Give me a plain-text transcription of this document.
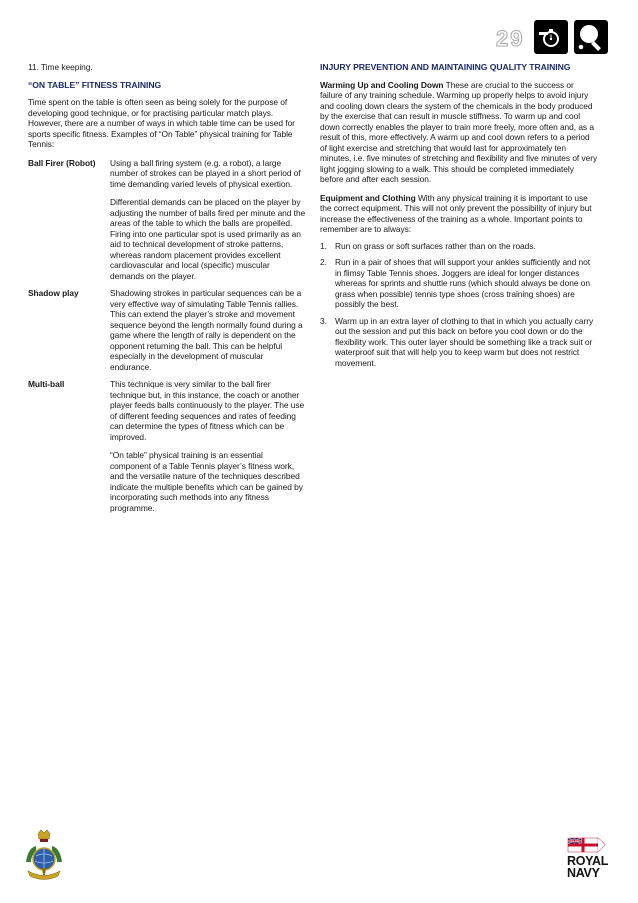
29

11. Time keeping.

“ON TABLE” FITNESS TRAINING

Time spent on the table is often seen as being solely for the purpose of developing good technique, or for practising particular match plays. However, there are a number of ways in which table time can be used for sports specific fitness. Examples of “On Table” physical training for Table Tennis:

Ball Firer (Robot)	Using a ball firing system (e.g. a robot), a large number of strokes can be played in a short period of time demanding varied levels of physical exertion.

Differential demands can be placed on the player by adjusting the number of balls fired per minute and the areas of the table to which the balls are propelled. Firing into one particular spot is used primarily as an aid to technical development of stroke patterns, whereas random placement provides excellent cardiovascular and local (specific) muscular demands on the player.

Shadow play	Shadowing strokes in particular sequences can be a very effective way of simulating Table Tennis rallies. This can extend the player’s stroke and movement sequence beyond the length normally found during a game where the length of rally is dependent on the opponent returning the ball. This can be helpful especially in the development of muscular endurance.

Multi-ball	This technique is very similar to the ball firer technique but, in this instance, the coach or another player feeds balls continuously to the player. The use of different feeding sequences and rates of feeding can determine the types of fitness which can be improved.

“On table” physical training is an essential component of a Table Tennis player’s fitness work, and the versatile nature of the techniques described indicate the multiple benefits which can be gained by incorporating such methods into any fitness programme.

INJURY PREVENTION AND MAINTAINING QUALITY TRAINING

Warming Up and Cooling Down These are crucial to the success or failure of any training schedule. Warming up properly helps to avoid injury and cooling down clears the system of the chemicals in the body produced by the exercise that can result in muscle stiffness. To warm up and cool down correctly enables the player to train more freely, more often and, as a result of this, more effectively. A warm up and cool down refers to a period of light exercise and stretching that would last for approximately ten minutes, i.e. five minutes of stretching and flexibility and five minutes of very light jogging slowing to a walk. This should be completed immediately before and after each session.

Equipment and Clothing With any physical training it is important to use the correct equipment. This will not only prevent the possibility of injury but increase the effectiveness of the training as a whole. Important points to remember are to always:

1. Run on grass or soft surfaces rather than on the roads.
2. Run in a pair of shoes that will support your ankles sufficiently and not in flimsy Table Tennis shoes. Joggers are ideal for longer distances whereas for sprints and shuttle runs (which should always be done on grass when possible) tennis type shoes (cross training shoes) are possibly the best.
3. Warm up in an extra layer of clothing to that in which you actually carry out the session and put this back on before you cool down or do the flexibility work. This outer layer should be something like a track suit or waterproof suit that will help you to keep warm but does not restrict movement.
ROYAL
NAVY
